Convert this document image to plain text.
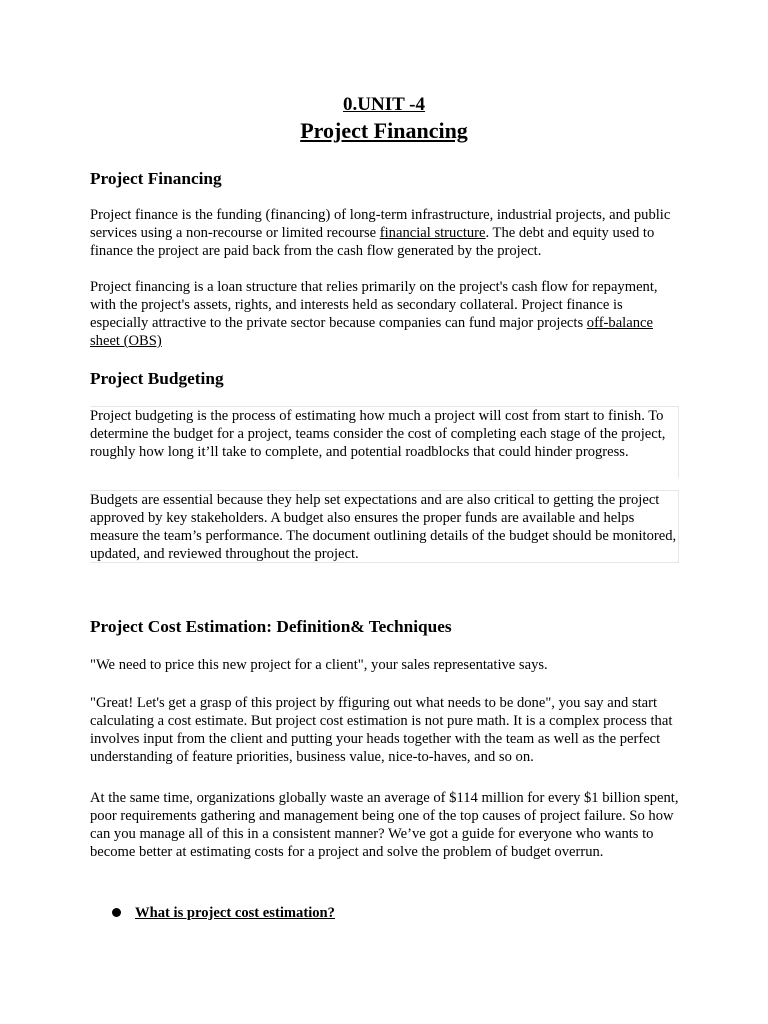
0.UNIT -4
Project Financing
Project Financing
Project finance is the funding (financing) of long-term infrastructure, industrial projects, and public services using a non-recourse or limited recourse financial structure. The debt and equity used to finance the project are paid back from the cash flow generated by the project.
Project financing is a loan structure that relies primarily on the project's cash flow for repayment, with the project's assets, rights, and interests held as secondary collateral. Project finance is especially attractive to the private sector because companies can fund major projects off-balance sheet (OBS)
Project Budgeting
Project budgeting is the process of estimating how much a project will cost from start to finish. To determine the budget for a project, teams consider the cost of completing each stage of the project, roughly how long it’ll take to complete, and potential roadblocks that could hinder progress.
Budgets are essential because they help set expectations and are also critical to getting the project approved by key stakeholders. A budget also ensures the proper funds are available and helps measure the team’s performance. The document outlining details of the budget should be monitored, updated, and reviewed throughout the project.
Project Cost Estimation: Definition& Techniques
"We need to price this new project for a client", your sales representative says.
"Great! Let's get a grasp of this project by ffiguring out what needs to be done", you say and start calculating a cost estimate. But project cost estimation is not pure math. It is a complex process that involves input from the client and putting your heads together with the team as well as the perfect understanding of feature priorities, business value, nice-to-haves, and so on.
At the same time, organizations globally waste an average of $114 million for every $1 billion spent, poor requirements gathering and management being one of the top causes of project failure. So how can you manage all of this in a consistent manner? We’ve got a guide for everyone who wants to become better at estimating costs for a project and solve the problem of budget overrun.
What is project cost estimation?
